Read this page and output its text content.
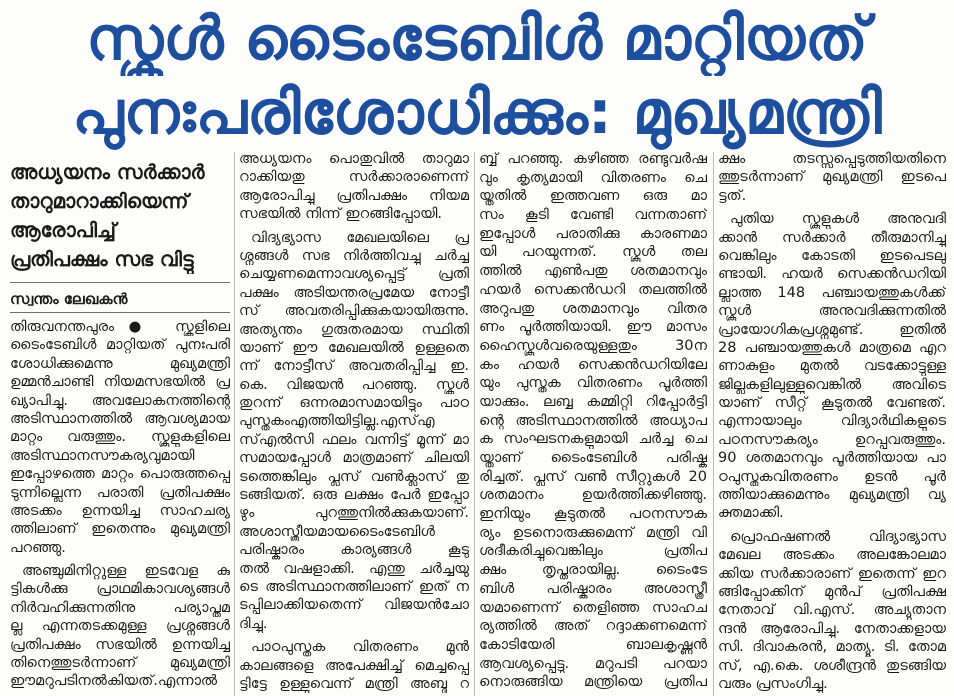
സ്കൂൾ ടൈംടേബിൾ മാറ്റിയത്
പുനഃപരിശോധിക്കും: മുഖ്യമന്ത്രി
അധ്യയനം സർക്കാർ
താറുമാറാക്കിയെന്ന്
ആരോപിച്ച്
പ്രതിപക്ഷം സഭ വിട്ടു
സ്വന്തം ലേഖകൻ
തിരുവനന്തപുരം● സ്കൂളിലെ
ടൈംടേബിൾ മാറ്റിയത് പുനഃപരി
ശോധിക്കുമെന്നു മുഖ്യമന്ത്രി
ഉമ്മൻചാണ്ടി നിയമസഭയിൽ പ്ര
ഖ്യാപിച്ചു. അവലോകനത്തിന്റെ
അടിസ്ഥാനത്തിൽ ആവശ്യമായ
മാറ്റം വരുത്തും. സ്കൂളുകളിലെ
അടിസ്ഥാനസൗകര്യവുമായി
ഇപ്പോഴത്തെ മാറ്റം പൊരുത്തപ്പെ
ടുന്നില്ലെന്ന പരാതി പ്രതിപക്ഷം
അടക്കം ഉന്നയിച്ച സാഹചര്യ
ത്തിലാണ് ഇതെന്നും മുഖ്യമന്ത്രി
പറഞ്ഞു.
അഞ്ചുമിനിറ്റുള്ള ഇടവേള കു
ട്ടികൾക്കു പ്രാഥമികാവശ്യങ്ങൾ
നിർവഹിക്കുന്നതിനു പര്യാപ്തമ
ല്ല എന്നതടക്കമുള്ള പ്രശ്നങ്ങൾ
പ്രതിപക്ഷം സഭയിൽ ഉന്നയിച്ച
തിനെത്തുടർന്നാണ് മുഖ്യമന്ത്രി
ഈമറുപടിനൽകിയത്.എന്നാൽ
അധ്യയനം പൊതുവിൽ താറുമാ
റാക്കിയതു സർക്കാരാണെന്ന്
ആരോപിച്ചു പ്രതിപക്ഷം നിയമ
സഭയിൽ നിന്ന് ഇറങ്ങിപ്പോയി.
വിദ്യഭ്യാസ മേഖലയിലെ പ്ര
ശ്നങ്ങൾ സഭ നിർത്തിവച്ചു ചർച്ച
ചെയ്യണമെന്നാവശ്യപ്പെട്ട് പ്രതി
പക്ഷം അടിയന്തരപ്രമേയ നോട്ടീ
സ് അവതരിപ്പിക്കുകയായിരുന്നു.
അത്യന്തം ഗുരുതരമായ സ്ഥിതി
യാണ് ഈ മേഖലയിൽ ഉള്ളതെ
ന്ന് നോട്ടീസ് അവതരിപ്പിച്ച ഇ.
കെ. വിജയൻ പറഞ്ഞു. സ്കൂൾ
തുറന്ന് ഒന്നരമാസമായിട്ടും പാഠ
പുസ്തകംഎത്തിയിട്ടില്ല.എസ്എ
സ്എൽസി ഫലം വന്നിട്ട് മൂന്ന് മാ
സമായപ്പോൾ മാത്രമാണ് ചിലയി
ടത്തെങ്കിലും പ്ലസ് വൺക്ലാസ് തു
ടങ്ങിയത്. ഒരു ലക്ഷം പേർ ഇപ്പോ
ഴും പുറത്തുനിൽക്കുകയാണ്.
അശാസ്ത്രീയമായടൈംടേബിൾ
പരിഷ്കാരം കാര്യങ്ങൾ കൂടു
തൽ വഷളാക്കി. എന്തു ചർച്ചയു
ടെ അടിസ്ഥാനത്തിലാണ് ഇത് ന
ടപ്പിലാക്കിയതെന്ന് വിജയൻചോ
ദിച്ചു.
പാഠപുസ്തക വിതരണം മുൻ
കാലങ്ങളെ അപേക്ഷിച്ച് മെച്ചപ്പെ
ട്ടിട്ടേ ഉള്ളുവെന്ന് മന്ത്രി അബ്ദു റ
ബ്ബ് പറഞ്ഞു. കഴിഞ്ഞ രണ്ടുവർഷ
വും കൃത്യമായി വിതരണം ചെ
യ്തതിൽ ഇത്തവണ ഒരു മാ
സം കൂടി വേണ്ടി വന്നതാണ്
ഇപ്പോൾ പരാതിക്കു കാരണമാ
യി പറയുന്നത്. സ്കൂൾ തല
ത്തിൽ എൺപതു ശതമാനവും
ഹയർ സെക്കൻഡറി തലത്തിൽ
അറുപതു ശതമാനവും വിതര
ണം പൂർത്തിയായി. ഈ മാസം
ഹൈസ്കൂൾവരെയുള്ളതും 30ന
കം ഹയർ സെക്കൻഡറിയിലേ
യും പുസ്തക വിതരണം പൂർത്തി
യാക്കും. ലബ്ബ കമ്മിറ്റി റിപ്പോർട്ടി
ന്റെ അടിസ്ഥാനത്തിൽ അധ്യാപ
ക സംഘടനകളുമായി ചർച്ച ചെ
യ്താണ് ടൈംടേബിൾ പരിഷ്ക
രിച്ചത്. പ്ലസ് വൺ സീറ്റുകൾ 20
ശതമാനം ഉയർത്തിക്കഴിഞ്ഞു.
ഇനിയും കൂടുതൽ പഠനസൗക
ര്യം ഉടനൊരുക്കുമെന്ന് മന്ത്രി വി
ശദീകരിച്ചുവെങ്കിലും പ്രതിപ
ക്ഷം തൃപ്തരായില്ല. ടൈംടേ
ബിൾ പരിഷ്കാരം അശാസ്ത്രീ
യമാണെന്ന് തെളിഞ്ഞ സാഹച
ര്യത്തിൽ അത് റദ്ദാക്കണമെന്ന്
കോടിയേരി ബാലകൃഷ്ണൻ
ആവശ്യപ്പെട്ടു. മറുപടി പറയാ
നൊരുങ്ങിയ മന്ത്രിയെ പ്രതിപ
ക്ഷം തടസ്സപ്പെടുത്തിയതിനെ
ത്തുടർന്നാണ് മുഖ്യമന്ത്രി ഇടപെ
ട്ടത്.
പുതിയ സ്കൂളുകൾ അനുവദി
ക്കാൻ സർക്കാർ തീരുമാനിച്ചു
വെങ്കിലും കോടതി ഇടപെടലു
ണ്ടായി. ഹയർ സെക്കൻഡറിയി
ല്ലാത്ത 148 പഞ്ചായത്തുകൾക്ക്
സ്കൂൾ അനുവദിക്കുന്നതിൽ
പ്രായോഗികപ്രശ്നമുണ്ട്. ഇതിൽ
28 പഞ്ചായത്തുകൾ മാത്രമെ എറ
ണാകുളം മുതൽ വടക്കോട്ടുള്ള
ജില്ലകളിലുള്ളുവെങ്കിൽ അവിടെ
യാണ് സീറ്റ് കൂടുതൽ വേണ്ടത്.
എന്നായാലും വിദ്യാർഥികളുടെ
പഠനസൗകര്യം ഉറപ്പുവരുത്തും.
90 ശതമാനവും പൂർത്തിയായ പാ
ഠപുസ്തകവിതരണം ഉടൻ പൂർ
ത്തിയാക്കുമെന്നും മുഖ്യമന്ത്രി വ്യ
ക്തമാക്കി.
പ്രൊഫഷണൽ വിദ്യാഭ്യാസ
മേഖല അടക്കം അലങ്കോലമാ
ക്കിയ സർക്കാരാണ് ഇതെന്ന് ഇറ
ങ്ങിപ്പോക്കിന് മുൻപ് പ്രതിപക്ഷ
നേതാവ് വി.എസ്. അച്യുതാന
ന്ദൻ ആരോപിച്ചു. നേതാക്കളായ
സി. ദിവാകരൻ, മാത്യൂ. ടി. തോമ
സ്, എ.കെ. ശശീന്ദ്രൻ തുടങ്ങിയ
വരും പ്രസംഗിച്ചു.
